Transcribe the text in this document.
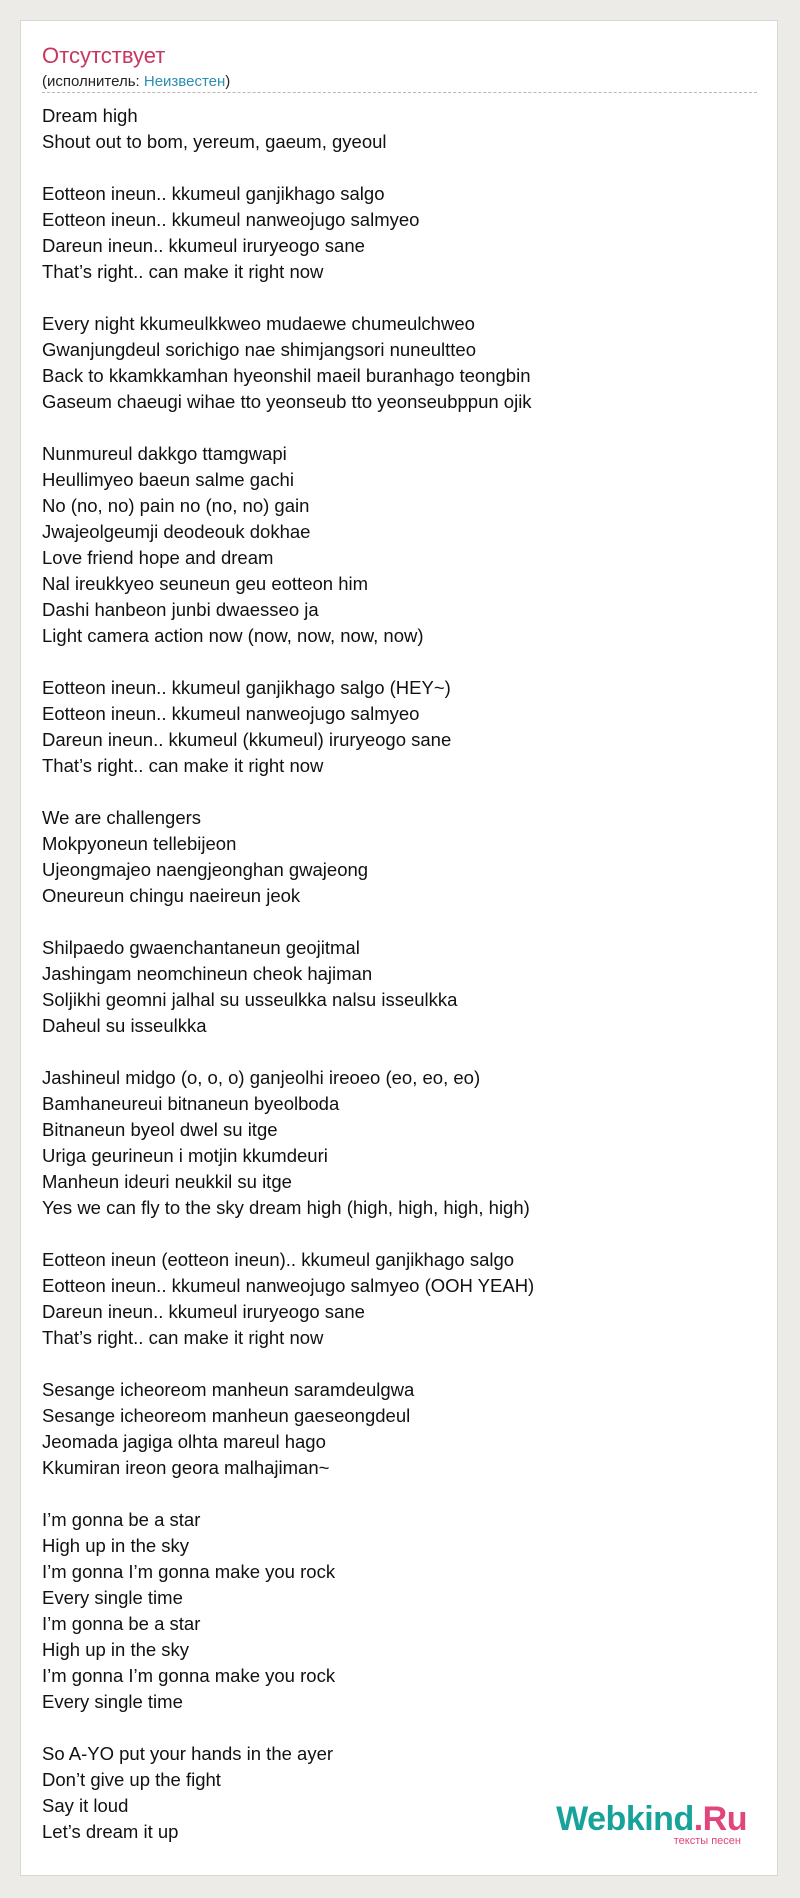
Отсутствует
(исполнитель: Неизвестен)
Dream high
Shout out to bom, yereum, gaeum, gyeoul
Eotteon ineun.. kkumeul ganjikhago salgo
Eotteon ineun.. kkumeul nanweojugo salmyeo
Dareun ineun.. kkumeul iruryeogo sane
That’s right.. can make it right now
Every night kkumeulkkweo mudaewe chumeulchweo
Gwanjungdeul sorichigo nae shimjangsori nuneultteo
Back to kkamkkamhan hyeonshil maeil buranhago teongbin
Gaseum chaeugi wihae tto yeonseub tto yeonseubppun ojik
Nunmureul dakkgo ttamgwapi
Heullimyeo baeun salme gachi
No (no, no) pain no (no, no) gain
Jwajeolgeumji deodeouk dokhae
Love friend hope and dream
Nal ireukkyeo seuneun geu eotteon him
Dashi hanbeon junbi dwaesseo ja
Light camera action now (now, now, now, now)
Eotteon ineun.. kkumeul ganjikhago salgo (HEY~)
Eotteon ineun.. kkumeul nanweojugo salmyeo
Dareun ineun.. kkumeul (kkumeul) iruryeogo sane
That’s right.. can make it right now
We are challengers
Mokpyoneun tellebijeon
Ujeongmajeo naengjeonghan gwajeong
Oneureun chingu naeireun jeok
Shilpaedo gwaenchantaneun geojitmal
Jashingam neomchineun cheok hajiman
Soljikhi geomni jalhal su usseulkka nalsu isseulkka
Daheul su isseulkka
Jashineul midgo (o, o, o) ganjeolhi ireoeo (eo, eo, eo)
Bamhaneureui bitnaneun byeolboda
Bitnaneun byeol dwel su itge
Uriga geurineun i motjin kkumdeuri
Manheun ideuri neukkil su itge
Yes we can fly to the sky dream high (high, high, high, high)
Eotteon ineun (eotteon ineun).. kkumeul ganjikhago salgo
Eotteon ineun.. kkumeul nanweojugo salmyeo (OOH YEAH)
Dareun ineun.. kkumeul iruryeogo sane
That’s right.. can make it right now
Sesange icheoreom manheun saramdeulgwa
Sesange icheoreom manheun gaeseongdeul
Jeomada jagiga olhta mareul hago
Kkumiran ireon geora malhajiman~
I’m gonna be a star
High up in the sky
I’m gonna I’m gonna make you rock
Every single time
I’m gonna be a star
High up in the sky
I’m gonna I’m gonna make you rock
Every single time
So A-YO put your hands in the ayer
Don’t give up the fight
Say it loud
Let’s dream it up	Webkind.Ru
тексты песен
